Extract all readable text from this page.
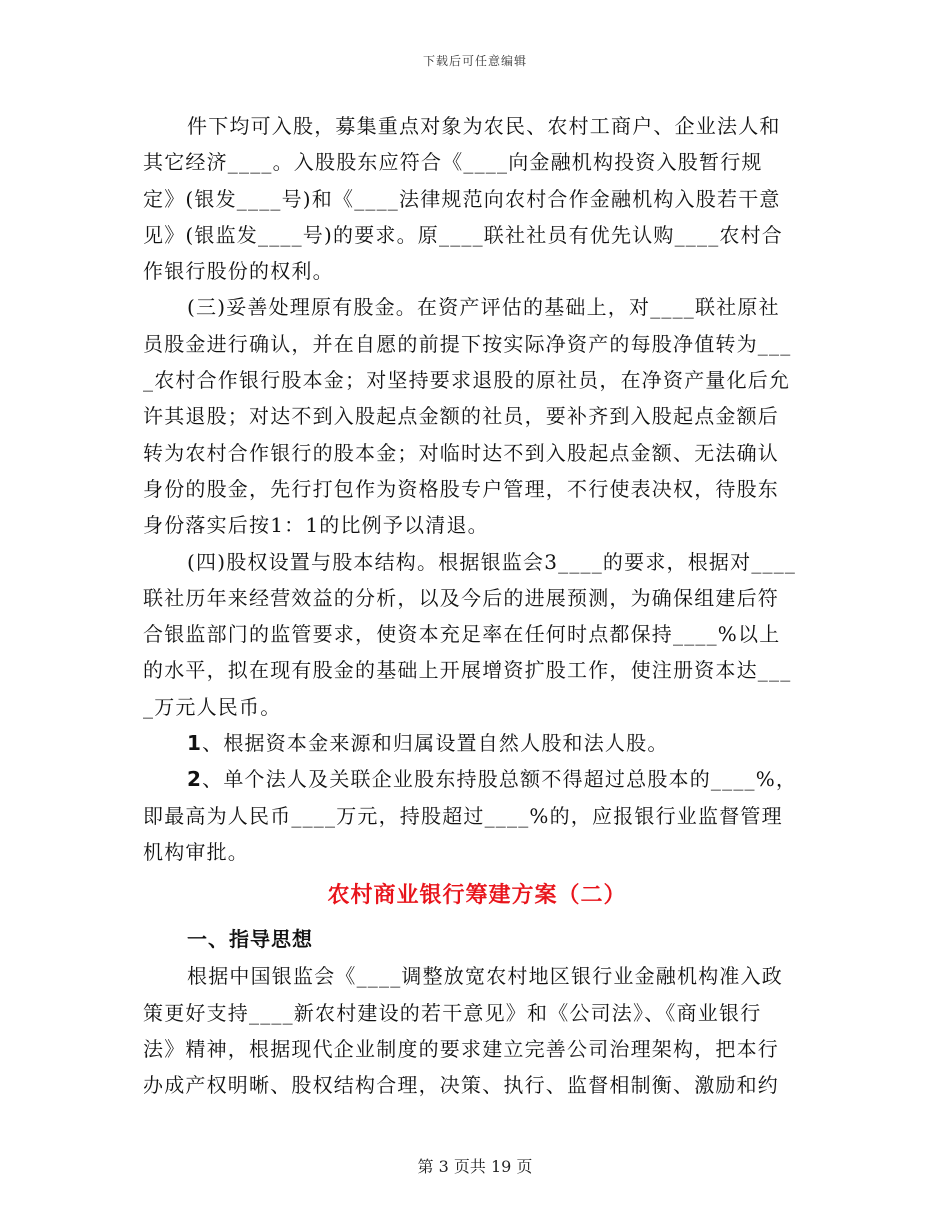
下载后可任意编辑
件下均可入股，募集重点对象为农民、农村工商户、企业法人和
其它经济____。入股股东应符合《____向金融机构投资入股暂行规
定》(银发____号)和《____法律规范向农村合作金融机构入股若干意
见》(银监发____号)的要求。原____联社社员有优先认购____农村合
作银行股份的权利。
(三)妥善处理原有股金。在资产评估的基础上，对____联社原社
员股金进行确认，并在自愿的前提下按实际净资产的每股净值转为___
_农村合作银行股本金；对坚持要求退股的原社员，在净资产量化后允
许其退股；对达不到入股起点金额的社员，要补齐到入股起点金额后
转为农村合作银行的股本金；对临时达不到入股起点金额、无法确认
身份的股金，先行打包作为资格股专户管理，不行使表决权，待股东
身份落实后按1：1的比例予以清退。
(四)股权设置与股本结构。根据银监会3____的要求，根据对____
联社历年来经营效益的分析，以及今后的进展预测，为确保组建后符
合银监部门的监管要求，使资本充足率在任何时点都保持____%以上
的水平，拟在现有股金的基础上开展增资扩股工作，使注册资本达___
_万元人民币。
1、根据资本金来源和归属设置自然人股和法人股。
2、单个法人及关联企业股东持股总额不得超过总股本的____%，
即最高为人民币____万元，持股超过____%的，应报银行业监督管理
机构审批。
农村商业银行筹建方案（二）
一、指导思想
根据中国银监会《____调整放宽农村地区银行业金融机构准入政
策更好支持____新农村建设的若干意见》和《公司法》、《商业银行
法》精神，根据现代企业制度的要求建立完善公司治理架构，把本行
办成产权明晰、股权结构合理，决策、执行、监督相制衡、激励和约
第 3 页共 19 页
